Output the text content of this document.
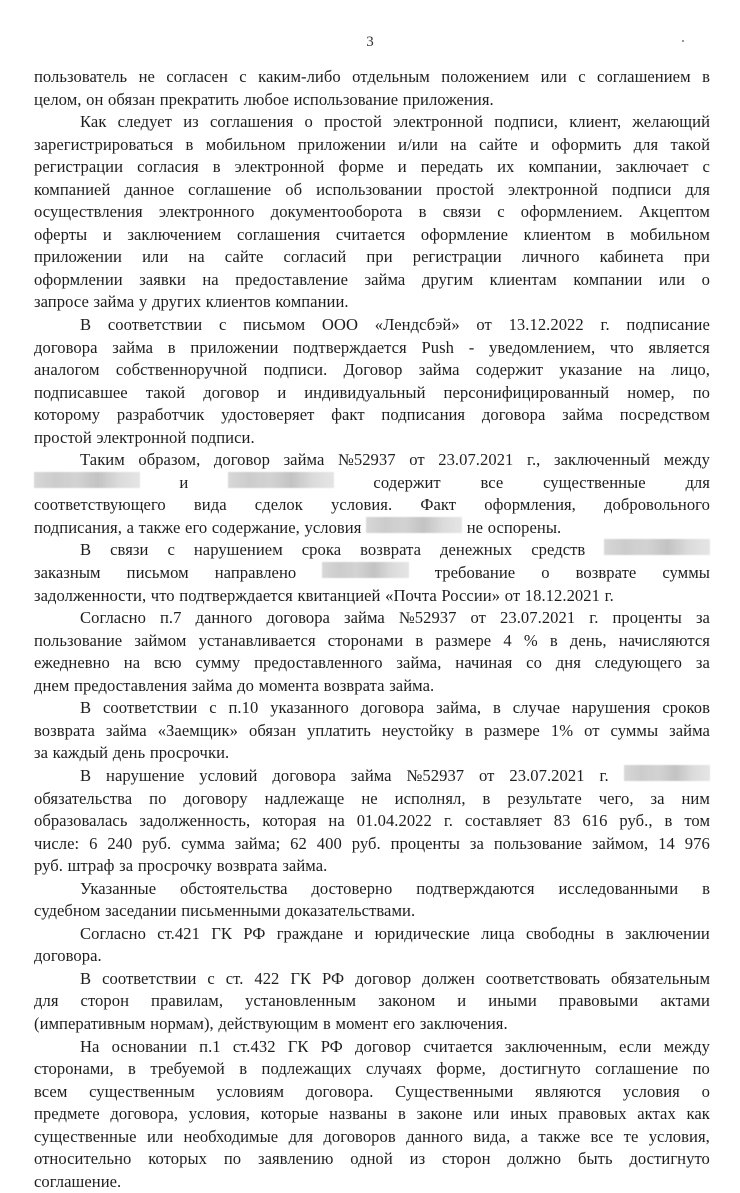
3
пользователь не согласен с каким-либо отдельным положением или с соглашением в
целом, он обязан прекратить любое использование приложения.
Как следует из соглашения о простой электронной подписи, клиент, желающий
зарегистрироваться в мобильном приложении и/или на сайте и оформить для такой
регистрации согласия в электронной форме и передать их компании, заключает с
компанией данное соглашение об использовании простой электронной подписи для
осуществления электронного документооборота в связи с оформлением. Акцептом
оферты и заключением соглашения считается оформление клиентом в мобильном
приложении или на сайте согласий при регистрации личного кабинета при
оформлении заявки на предоставление займа другим клиентам компании или о
запросе займа у других клиентов компании.
В соответствии с письмом ООО «Лендсбэй» от 13.12.2022 г. подписание
договора займа в приложении подтверждается Push - уведомлением, что является
аналогом собственноручной подписи. Договор займа содержит указание на лицо,
подписавшее такой договор и индивидуальный персонифицированный номер, по
которому разработчик удостоверяет факт подписания договора займа посредством
простой электронной подписи.
Таким образом, договор займа №52937 от 23.07.2021 г., заключенный между
и	содержит все существенные для
соответствующего вида сделок условия. Факт оформления, добровольного
подписания, а также его содержание, условия	не оспорены.
В связи с нарушением срока возврата денежных средств
заказным письмом направлено	требование о возврате суммы
задолженности, что подтверждается квитанцией «Почта России» от 18.12.2021 г.
Согласно п.7 данного договора займа №52937 от 23.07.2021 г. проценты за
пользование займом устанавливается сторонами в размере 4 % в день, начисляются
ежедневно на всю сумму предоставленного займа, начиная со дня следующего за
днем предоставления займа до момента возврата займа.
В соответствии с п.10 указанного договора займа, в случае нарушения сроков
возврата займа «Заемщик» обязан уплатить неустойку в размере 1% от суммы займа
за каждый день просрочки.
В нарушение условий договора займа №52937 от 23.07.2021 г.
обязательства по договору надлежаще не исполнял, в результате чего, за ним
образовалась задолженность, которая на 01.04.2022 г. составляет 83 616 руб., в том
числе: 6 240 руб. сумма займа; 62 400 руб. проценты за пользование займом, 14 976
руб. штраф за просрочку возврата займа.
Указанные обстоятельства достоверно подтверждаются исследованными в
судебном заседании письменными доказательствами.
Согласно ст.421 ГК РФ граждане и юридические лица свободны в заключении
договора.
В соответствии с ст. 422 ГК РФ договор должен соответствовать обязательным
для сторон правилам, установленным законом и иными правовыми актами
(императивным нормам), действующим в момент его заключения.
На основании п.1 ст.432 ГК РФ договор считается заключенным, если между
сторонами, в требуемой в подлежащих случаях форме, достигнуто соглашение по
всем существенным условиям договора. Существенными являются условия о
предмете договора, условия, которые названы в законе или иных правовых актах как
существенные или необходимые для договоров данного вида, а также все те условия,
относительно которых по заявлению одной из сторон должно быть достигнуто
соглашение.
